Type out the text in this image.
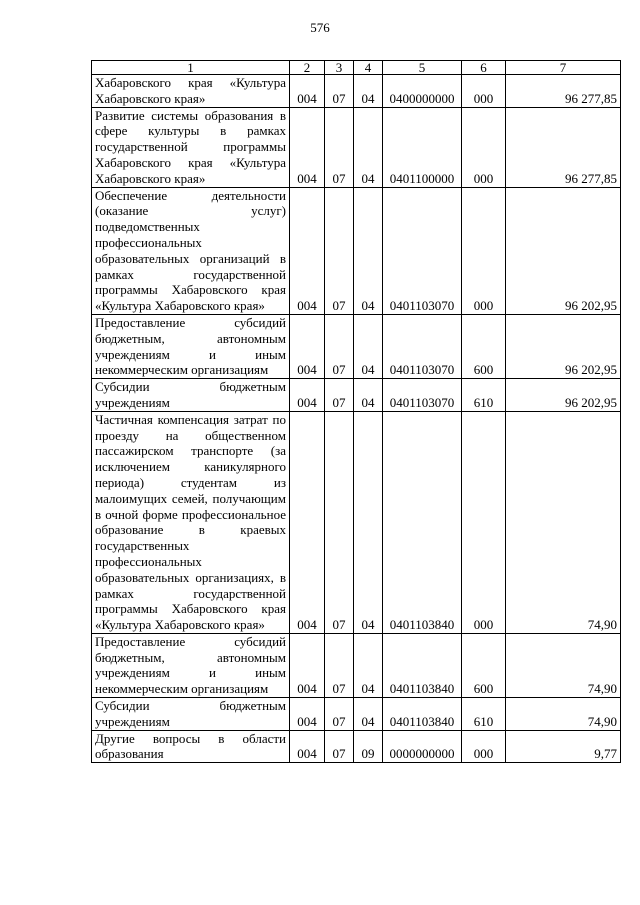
576
1	2	3	4	5	6	7
Хабаровского края «Культура Хабаровского края»	004	07	04	0400000000	000	96 277,85
Развитие системы образования в сфере культуры в рамках государственной программы Хабаровского края «Культура Хабаровского края»	004	07	04	0401100000	000	96 277,85
Обеспечение деятельности (оказание услуг) подведомственных профессиональных образовательных организаций в рамках государственной программы Хабаровского края «Культура Хабаровского края»	004	07	04	0401103070	000	96 202,95
Предоставление субсидий бюджетным, автономным учреждениям и иным некоммерческим организациям	004	07	04	0401103070	600	96 202,95
Субсидии бюджетным учреждениям	004	07	04	0401103070	610	96 202,95
Частичная компенсация затрат по проезду на общественном пассажирском транспорте (за исключением каникулярного периода) студентам из малоимущих семей, получающим в очной форме профессиональное образование в краевых государственных профессиональных образовательных организациях, в рамках государственной программы Хабаровского края «Культура Хабаровского края»	004	07	04	0401103840	000	74,90
Предоставление субсидий бюджетным, автономным учреждениям и иным некоммерческим организациям	004	07	04	0401103840	600	74,90
Субсидии бюджетным учреждениям	004	07	04	0401103840	610	74,90
Другие вопросы в области образования	004	07	09	0000000000	000	9,77
